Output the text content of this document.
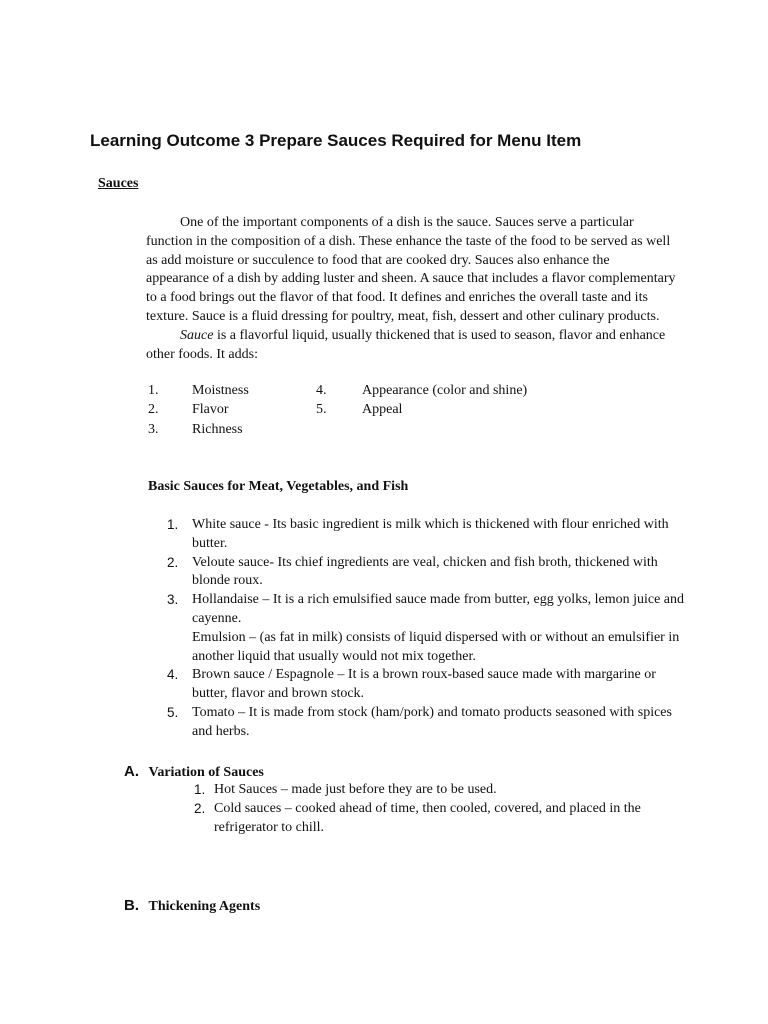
Learning Outcome 3 Prepare Sauces Required for Menu Item
Sauces

One of the important components of a dish is the sauce. Sauces serve a particular function in the composition of a dish. These enhance the taste of the food to be served as well as add moisture or succulence to food that are cooked dry. Sauces also enhance the appearance of a dish by adding luster and sheen. A sauce that includes a flavor complementary to a food brings out the flavor of that food. It defines and enriches the overall taste and its texture. Sauce is a fluid dressing for poultry, meat, fish, dessert and other culinary products.

Sauce is a flavorful liquid, usually thickened that is used to season, flavor and enhance other foods. It adds:

1. Moistness
2. Flavor
3. Richness
4.	Appearance (color and shine)
5.	Appeal
Basic Sauces for Meat, Vegetables, and Fish
1. White sauce - Its basic ingredient is milk which is thickened with flour enriched with butter.
2. Veloute sauce- Its chief ingredients are veal, chicken and fish broth, thickened with blonde roux.
3. Hollandaise – It is a rich emulsified sauce made from butter, egg yolks, lemon juice and cayenne.
Emulsion – (as fat in milk) consists of liquid dispersed with or without an emulsifier in another liquid that usually would not mix together.
4. Brown sauce / Espagnole – It is a brown roux-based sauce made with margarine or butter, flavor and brown stock.
5. Tomato – It is made from stock (ham/pork) and tomato products seasoned with spices and herbs.
A. Variation of Sauces
1. Hot Sauces – made just before they are to be used.
2. Cold sauces – cooked ahead of time, then cooled, covered, and placed in the refrigerator to chill.
B. Thickening Agents
